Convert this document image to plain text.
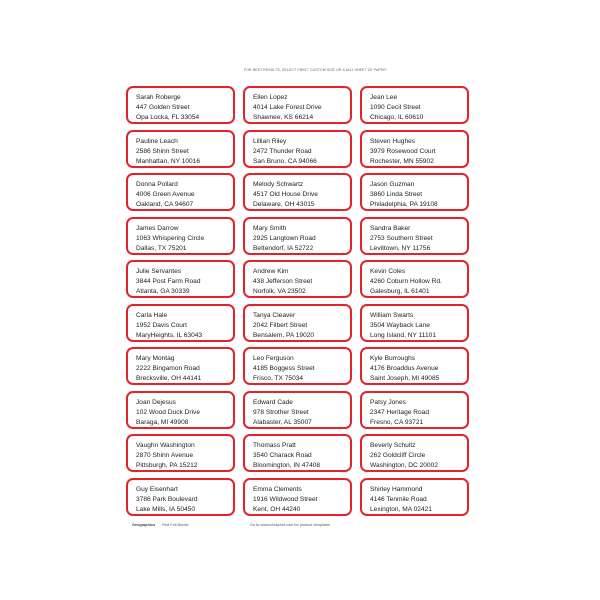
FOR BEST RESULTS, SELECT PRINT 'CUSTOM SIZE OR 8.5x11 SHEET OF PAPER'
Sarah Roberge
447 Golden Street
Opa Locka, FL 33054
Ellen Lopez
4014 Lake Forest Drive
Shawnee, KS 66214
Jean Lee
1090 Cecil Street
Chicago, IL 60610
Pauline Leach
2586 Shinn Street
Manhattan, NY 10016
Lillian Riley
2472 Thunder Road
San Bruno, CA 94066
Steven Hughes
3979 Rosewood Court
Rochester, MN 55902
Donna Pollard
4006 Green Avenue
Oakland, CA 94607
Melody Schwartz
4517 Old House Drive
Delaware, OH 43015
Jason Guzman
3860 Linda Street
Philadelphia, PA 19108
James Darrow
1063 Whispering Circle
Dallas, TX 75201
Mary Smith
2925 Langtown Road
Bettendorf, IA 52722
Sandra Baker
2753 Southern Street
Levittown, NY 11756
Julie Servantes
3844 Post Farm Road
Atlanta, GA 30339
Andrew Kim
438 Jefferson Street
Norfolk, VA 23502
Kevin Coles
4260 Coburn Hollow Rd.
Galesburg, IL 61401
Carla Hale
1952 Davis Court
MaryHeights, IL 63043
Tanya Cleaver
2042 Filbert Street
Bensalem, PA 19020
William Swarts
3504 Wayback Lane
Long Island, NY 11101
Mary Montag
2222 Bingamon Road
Brecksville, OH 44141
Leo Ferguson
4185 Boggess Street
Frisco, TX 75034
Kyle Burroughs
4176 Broaddus Avenue
Saint Joseph, MI 49085
Joan Dejesus
102 Wood Duck Drive
Baraga, MI 49908
Edward Cade
978 Strother Street
Alabaster, AL 35007
Patsy Jones
2347 Heritage Road
Fresno, CA 93721
Vaughn Washington
2870 Shinn Avenue
Pittsburgh, PA 15212
Thomass Pratt
3540 Charack Road
Bloomington, IN 47408
Beverly Schultz
262 Goldcliff Circle
Washington, DC 20002
Guy Eisenhart
3786 Park Boulevard
Lake Mills, IA 50450
Emma Clements
1916 Wildwood Street
Kent, OH 44240
Shirley Hammond
4146 Tenmile Road
Lexington, MA 02421
Geographics Red Foil Border	Go to www.iclickprint.com for product templates
